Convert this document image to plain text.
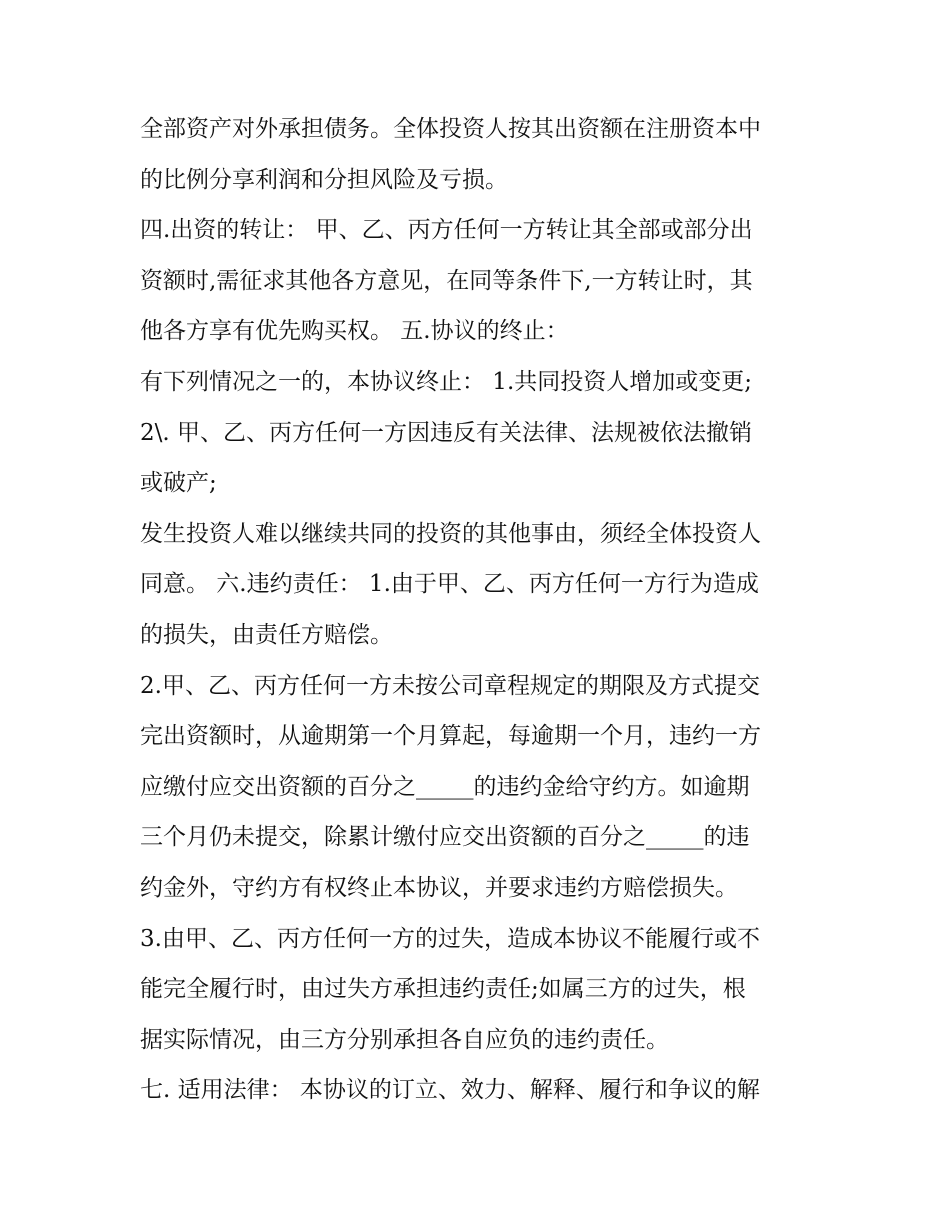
全部资产对外承担债务。全体投资人按其出资额在注册资本中
的比例分享利润和分担风险及亏损。
四.出资的转让： 甲、乙、丙方任何一方转让其全部或部分出
资额时,需征求其他各方意见，在同等条件下,一方转让时，其
他各方享有优先购买权。 五.协议的终止：
有下列情况之一的，本协议终止： 1.共同投资人增加或变更;
2\. 甲、乙、丙方任何一方因违反有关法律、法规被依法撤销
或破产;
发生投资人难以继续共同的投资的其他事由，须经全体投资人
同意。 六.违约责任： 1.由于甲、乙、丙方任何一方行为造成
的损失，由责任方赔偿。
2.甲、乙、丙方任何一方未按公司章程规定的期限及方式提交
完出资额时，从逾期第一个月算起，每逾期一个月，违约一方
应缴付应交出资额的百分之_____的违约金给守约方。如逾期
三个月仍未提交，除累计缴付应交出资额的百分之_____的违
约金外，守约方有权终止本协议，并要求违约方赔偿损失。
3.由甲、乙、丙方任何一方的过失，造成本协议不能履行或不
能完全履行时，由过失方承担违约责任;如属三方的过失，根
据实际情况，由三方分别承担各自应负的违约责任。
七. 适用法律： 本协议的订立、效力、解释、履行和争议的解
